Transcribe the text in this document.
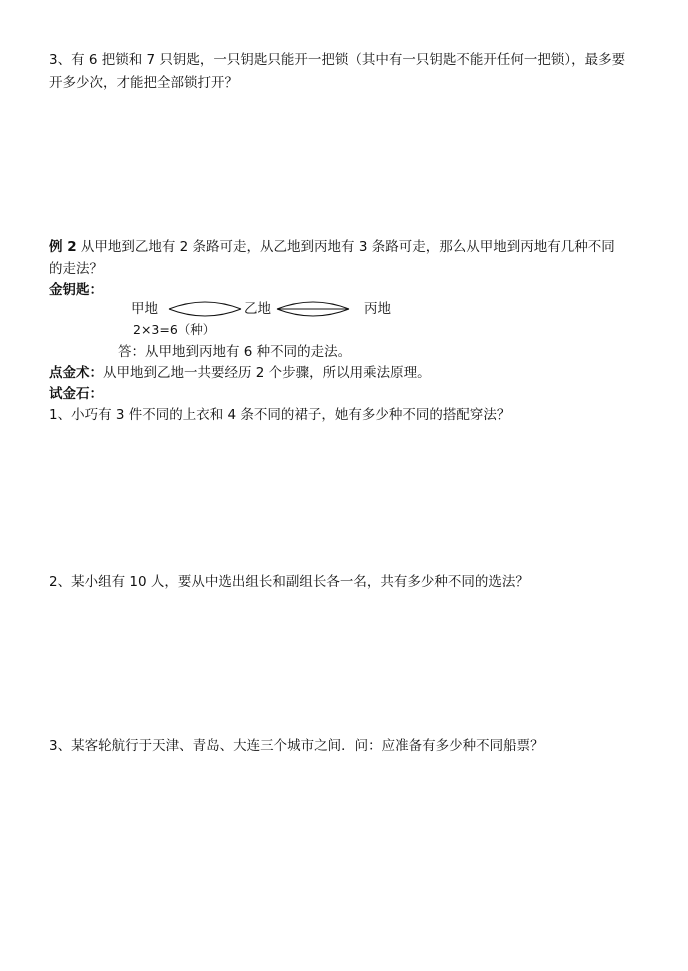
3、有 6 把锁和 7 只钥匙，一只钥匙只能开一把锁（其中有一只钥匙不能开任何一把锁），最多要
开多少次，才能把全部锁打开？
例 2 从甲地到乙地有 2 条路可走，从乙地到丙地有 3 条路可走，那么从甲地到丙地有几种不同
的走法？
金钥匙：
甲地	乙地	丙地
2×3=6（种）
答：从甲地到丙地有 6 种不同的走法。
点金术：从甲地到乙地一共要经历 2 个步骤，所以用乘法原理。
试金石：
1、小巧有 3 件不同的上衣和 4 条不同的裙子，她有多少种不同的搭配穿法？
2、某小组有 10 人，要从中选出组长和副组长各一名，共有多少种不同的选法？
3、某客轮航行于天津、青岛、大连三个城市之间．问：应准备有多少种不同船票？
